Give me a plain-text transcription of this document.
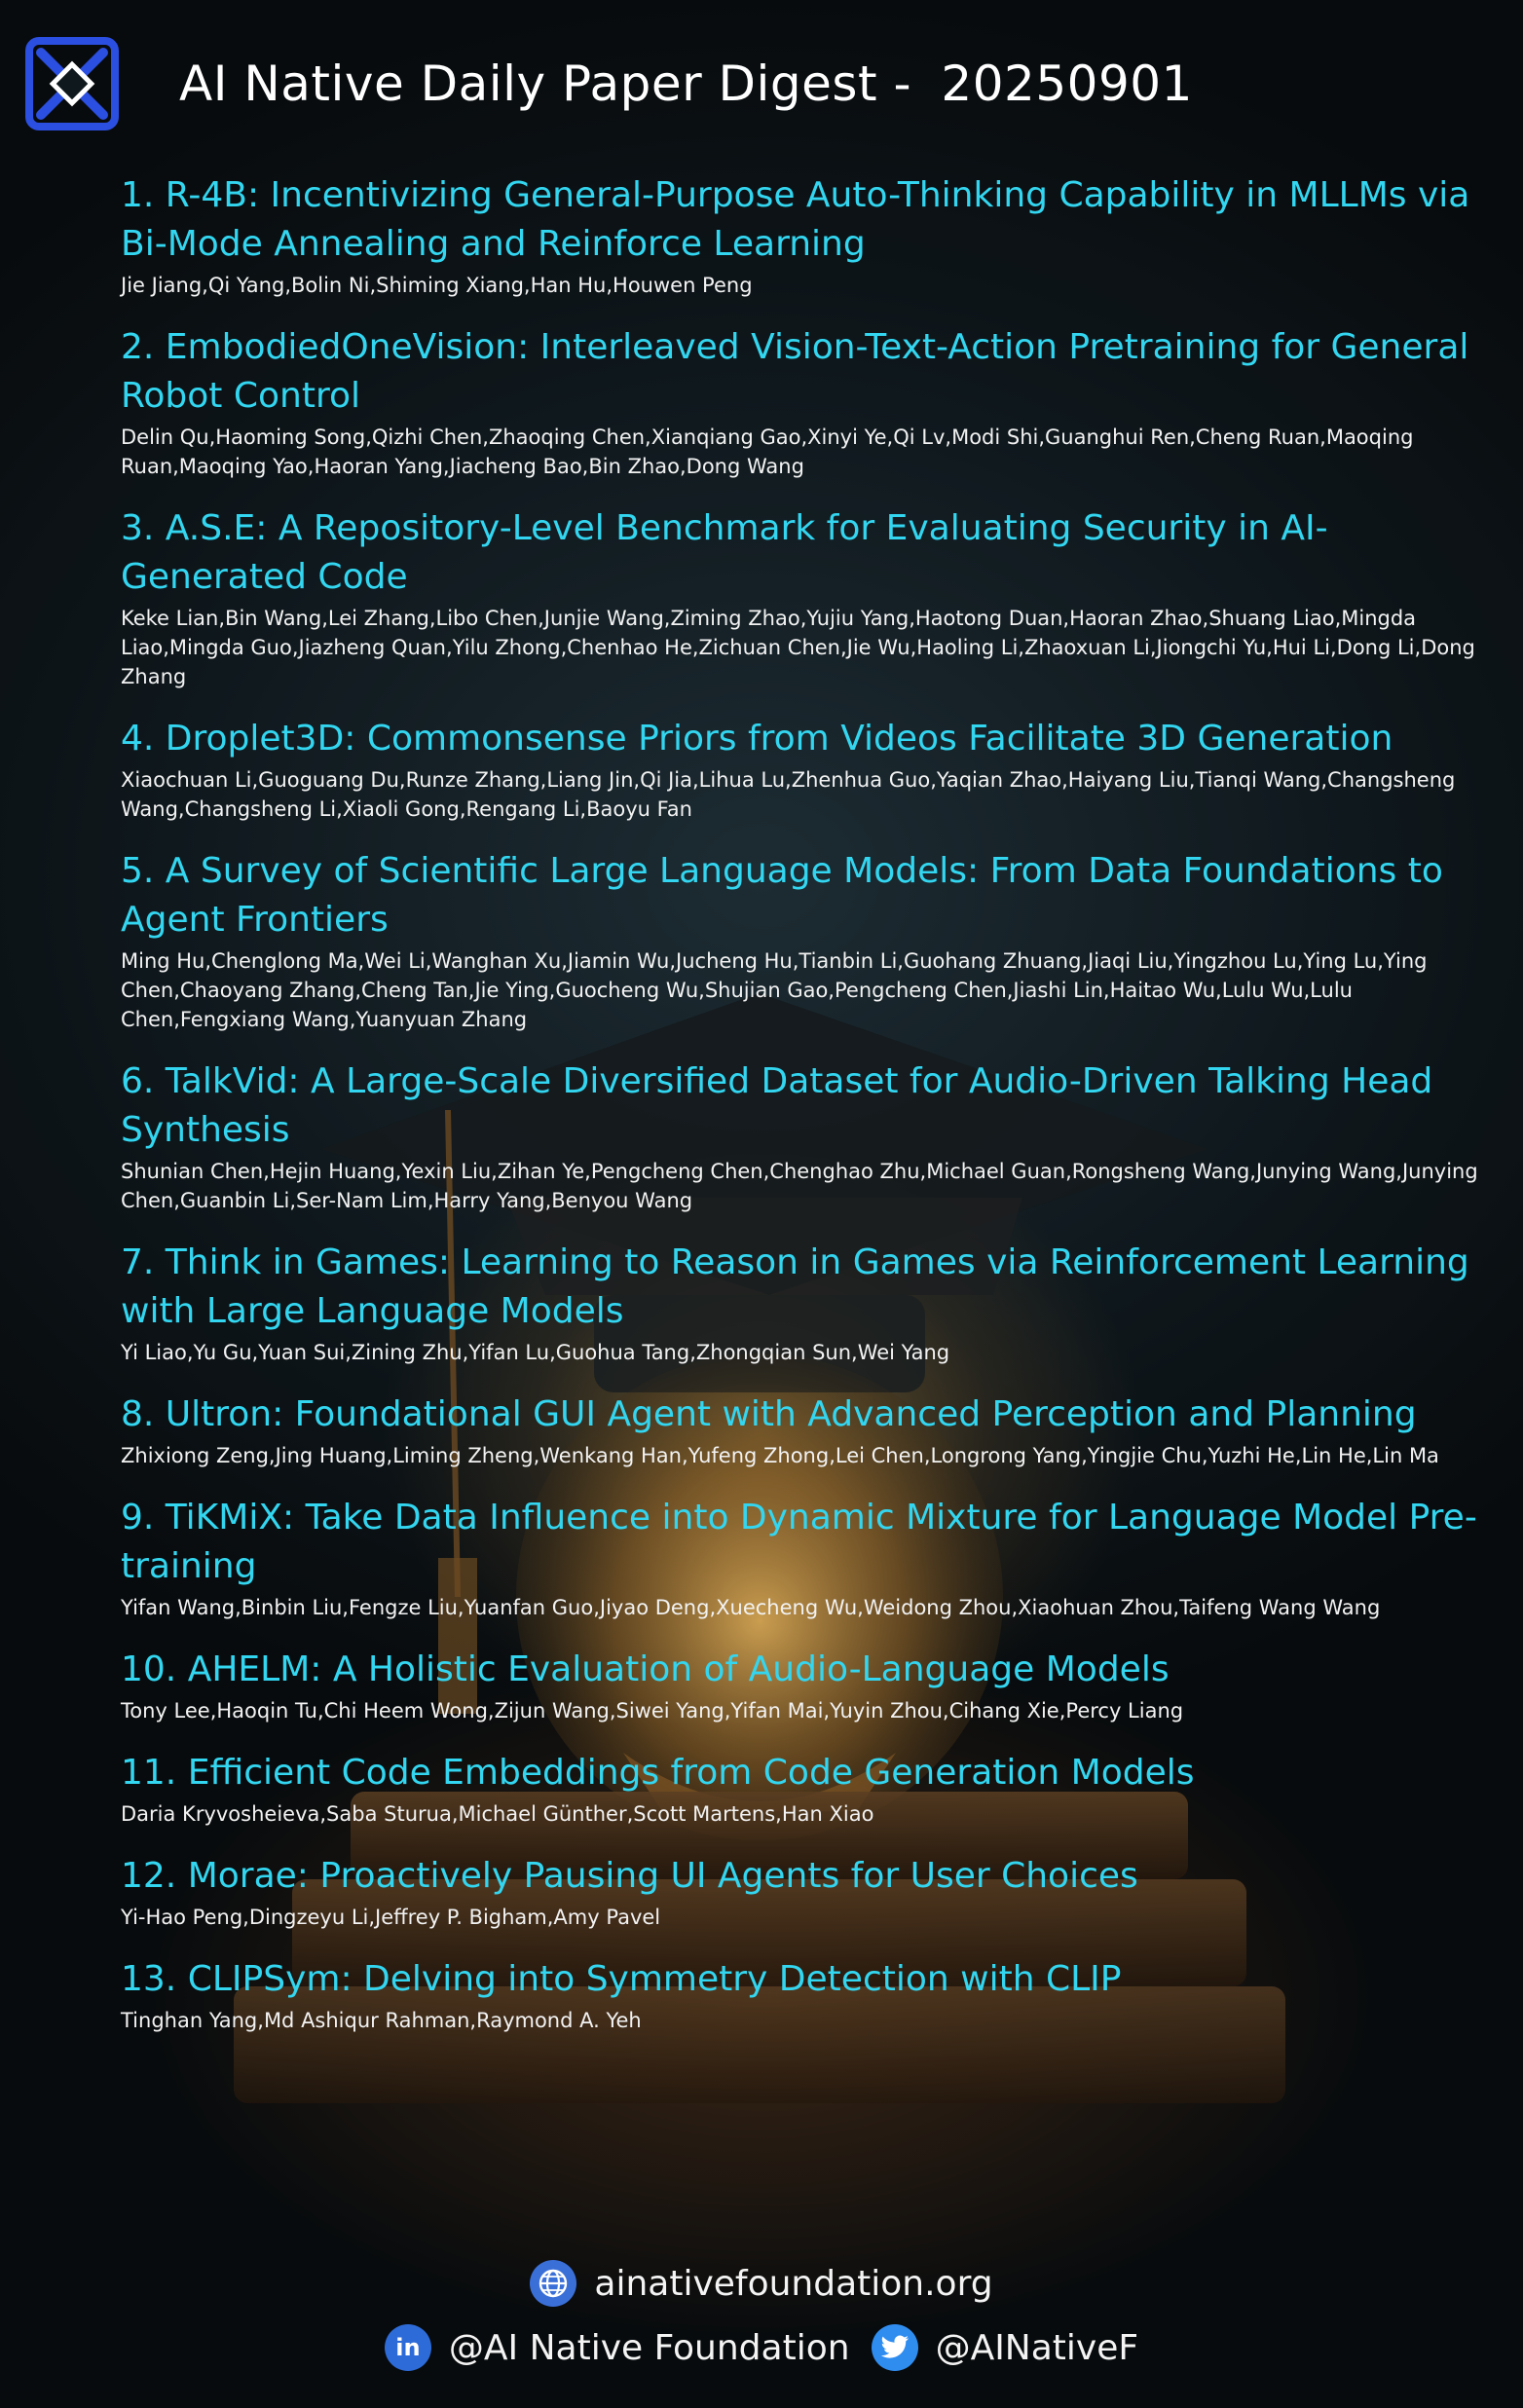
AI Native Daily Paper Digest - 20250901
1. R-4B: Incentivizing General-Purpose Auto-Thinking Capability in MLLMs via Bi-Mode Annealing and Reinforce Learning
Jie Jiang,Qi Yang,Bolin Ni,Shiming Xiang,Han Hu,Houwen Peng
2. EmbodiedOneVision: Interleaved Vision-Text-Action Pretraining for General Robot Control
Delin Qu,Haoming Song,Qizhi Chen,Zhaoqing Chen,Xianqiang Gao,Xinyi Ye,Qi Lv,Modi Shi,Guanghui Ren,Cheng Ruan,Maoqing Ruan,Maoqing Yao,Haoran Yang,Jiacheng Bao,Bin Zhao,Dong Wang
3. A.S.E: A Repository-Level Benchmark for Evaluating Security in AI-Generated Code
Keke Lian,Bin Wang,Lei Zhang,Libo Chen,Junjie Wang,Ziming Zhao,Yujiu Yang,Haotong Duan,Haoran Zhao,Shuang Liao,Mingda Liao,Mingda Guo,Jiazheng Quan,Yilu Zhong,Chenhao He,Zichuan Chen,Jie Wu,Haoling Li,Zhaoxuan Li,Jiongchi Yu,Hui Li,Dong Li,Dong Zhang
4. Droplet3D: Commonsense Priors from Videos Facilitate 3D Generation
Xiaochuan Li,Guoguang Du,Runze Zhang,Liang Jin,Qi Jia,Lihua Lu,Zhenhua Guo,Yaqian Zhao,Haiyang Liu,Tianqi Wang,Changsheng Wang,Changsheng Li,Xiaoli Gong,Rengang Li,Baoyu Fan
5. A Survey of Scientific Large Language Models: From Data Foundations to Agent Frontiers
Ming Hu,Chenglong Ma,Wei Li,Wanghan Xu,Jiamin Wu,Jucheng Hu,Tianbin Li,Guohang Zhuang,Jiaqi Liu,Yingzhou Lu,Ying Lu,Ying Chen,Chaoyang Zhang,Cheng Tan,Jie Ying,Guocheng Wu,Shujian Gao,Pengcheng Chen,Jiashi Lin,Haitao Wu,Lulu Wu,Lulu Chen,Fengxiang Wang,Yuanyuan Zhang
6. TalkVid: A Large-Scale Diversified Dataset for Audio-Driven Talking Head Synthesis
Shunian Chen,Hejin Huang,Yexin Liu,Zihan Ye,Pengcheng Chen,Chenghao Zhu,Michael Guan,Rongsheng Wang,Junying Wang,Junying Chen,Guanbin Li,Ser-Nam Lim,Harry Yang,Benyou Wang
7. Think in Games: Learning to Reason in Games via Reinforcement Learning with Large Language Models
Yi Liao,Yu Gu,Yuan Sui,Zining Zhu,Yifan Lu,Guohua Tang,Zhongqian Sun,Wei Yang
8. Ultron: Foundational GUI Agent with Advanced Perception and Planning
Zhixiong Zeng,Jing Huang,Liming Zheng,Wenkang Han,Yufeng Zhong,Lei Chen,Longrong Yang,Yingjie Chu,Yuzhi He,Lin He,Lin Ma
9. TiKMiX: Take Data Influence into Dynamic Mixture for Language Model Pre-training
Yifan Wang,Binbin Liu,Fengze Liu,Yuanfan Guo,Jiyao Deng,Xuecheng Wu,Weidong Zhou,Xiaohuan Zhou,Taifeng Wang Wang
10. AHELM: A Holistic Evaluation of Audio-Language Models
Tony Lee,Haoqin Tu,Chi Heem Wong,Zijun Wang,Siwei Yang,Yifan Mai,Yuyin Zhou,Cihang Xie,Percy Liang
11. Efficient Code Embeddings from Code Generation Models
Daria Kryvosheieva,Saba Sturua,Michael Günther,Scott Martens,Han Xiao
12. Morae: Proactively Pausing UI Agents for User Choices
Yi-Hao Peng,Dingzeyu Li,Jeffrey P. Bigham,Amy Pavel
13. CLIPSym: Delving into Symmetry Detection with CLIP
Tinghan Yang,Md Ashiqur Rahman,Raymond A. Yeh
ainativefoundation.org
in @AI Native Foundation @AINativeF
